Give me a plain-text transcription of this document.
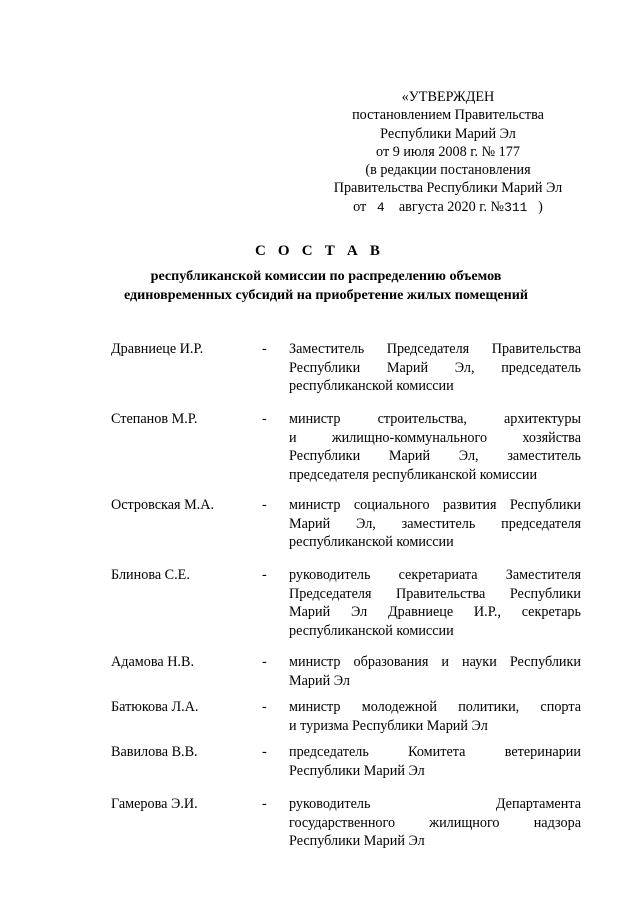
«УТВЕРЖДЕН
постановлением Правительства
Республики Марий Эл
от 9 июля 2008 г. № 177
(в редакции постановления
Правительства Республики Марий Эл
от 4 августа 2020 г. №311 )
С О С Т А В
республиканской комиссии по распределению объемов
единовременных субсидий на приобретение жилых помещений
Дравниеце И.Р.	- Заместитель Председателя Правительства
Республики Марий Эл, председатель
республиканской комиссии
Степанов М.Р.	- министр строительства, архитектуры
и жилищно-коммунального хозяйства
Республики Марий Эл, заместитель
председателя республиканской комиссии
Островская М.А.	- министр социального развития Республики
Марий Эл, заместитель председателя
республиканской комиссии
Блинова С.Е.	- руководитель секретариата Заместителя
Председателя Правительства Республики
Марий Эл Дравниеце И.Р., секретарь
республиканской комиссии
Адамова Н.В.	- министр образования и науки Республики
Марий Эл
Батюкова Л.А.	- министр молодежной политики, спорта
и туризма Республики Марий Эл
Вавилова В.В.	- председатель Комитета ветеринарии
Республики Марий Эл
Гамерова Э.И.	- руководитель Департамента
государственного жилищного надзора
Республики Марий Эл
